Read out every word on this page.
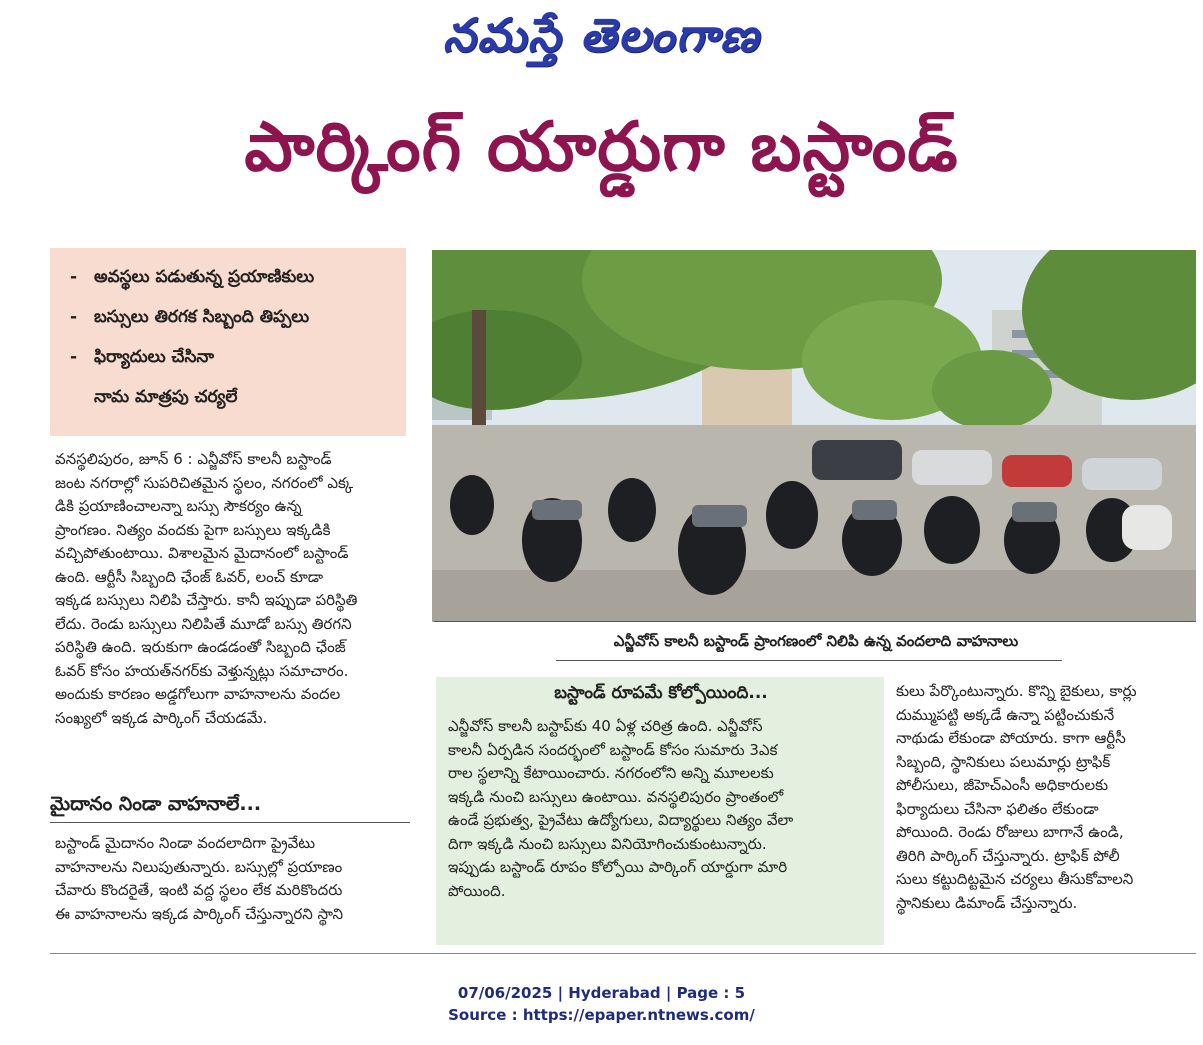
నమస్తే తెలంగాణ
పార్కింగ్ యార్డుగా బస్టాండ్
- అవస్థలు పడుతున్న ప్రయాణికులు
- బస్సులు తిరగక సిబ్బంది తిప్పలు
- ఫిర్యాదులు చేసినా
నామ మాత్రపు చర్యలే
ఎన్జీవోస్ కాలనీ బస్టాండ్ ప్రాంగణంలో నిలిపి ఉన్న వందలాది వాహనాలు
వనస్థలిపురం, జూన్ 6 : ఎన్జీవోస్ కాలనీ బస్టాండ్
జంట నగరాల్లో సుపరిచితమైన స్థలం, నగరంలో ఎక్క
డికి ప్రయాణించాలన్నా బస్సు సౌకర్యం ఉన్న
ప్రాంగణం. నిత్యం వందకు పైగా బస్సులు ఇక్కడికి
వచ్చిపోతుంటాయి. విశాలమైన మైదానంలో బస్టాండ్
ఉంది. ఆర్టీసీ సిబ్బంది ఛేంజ్ ఓవర్, లంచ్ కూడా
ఇక్కడ బస్సులు నిలిపి చేస్తారు. కానీ ఇప్పుడా పరిస్థితి
లేదు. రెండు బస్సులు నిలిపితే మూడో బస్సు తిరగని
పరిస్థితి ఉంది. ఇరుకుగా ఉండడంతో సిబ్బంది ఛేంజ్
ఓవర్ కోసం హయత్‌నగర్‌కు వెళ్తున్నట్లు సమాచారం.
అందుకు కారణం అడ్డగోలుగా వాహనాలను వందల
సంఖ్యలో ఇక్కడ పార్కింగ్ చేయడమే.
మైదానం నిండా వాహనాలే...
బస్టాండ్ మైదానం నిండా వందలాదిగా ప్రైవేటు
వాహనాలను నిలుపుతున్నారు. బస్సుల్లో ప్రయాణం
చేవారు కొందరైతే, ఇంటి వద్ద స్థలం లేక మరికొందరు
ఈ వాహనాలను ఇక్కడ పార్కింగ్ చేస్తున్నారని స్థాని
బస్టాండ్ రూపమే కోల్పోయింది...
ఎన్జీవోస్ కాలనీ బస్టాప్‌కు 40 ఏళ్ల చరిత్ర ఉంది. ఎన్జీవోస్
కాలనీ ఏర్పడిన సందర్భంలో బస్టాండ్ కోసం సుమారు 3ఎక
రాల స్థలాన్ని కేటాయించారు. నగరంలోని అన్ని మూలలకు
ఇక్కడి నుంచి బస్సులు ఉంటాయి. వనస్థలిపురం ప్రాంతంలో
ఉండే ప్రభుత్వ, ప్రైవేటు ఉద్యోగులు, విద్యార్థులు నిత్యం వేలా
దిగా ఇక్కడి నుంచి బస్సులు వినియోగించుకుంటున్నారు.
ఇప్పుడు బస్టాండ్ రూపం కోల్పోయి పార్కింగ్ యార్డుగా మారి
పోయింది.
కులు పేర్కొంటున్నారు. కొన్ని బైకులు, కార్లు
దుమ్ముపట్టి అక్కడే ఉన్నా పట్టించుకునే
నాథుడు లేకుండా పోయారు. కాగా ఆర్టీసీ
సిబ్బంది, స్థానికులు పలుమార్లు ట్రాఫిక్
పోలీసులు, జీహెచ్ఎంసీ అధికారులకు
ఫిర్యాదులు చేసినా ఫలితం లేకుండా
పోయింది. రెండు రోజులు బాగానే ఉండి,
తిరిగి పార్కింగ్ చేస్తున్నారు. ట్రాఫిక్ పోలీ
సులు కట్టుదిట్టమైన చర్యలు తీసుకోవాలని
స్థానికులు డిమాండ్ చేస్తున్నారు.
07/06/2025 | Hyderabad | Page : 5
Source : https://epaper.ntnews.com/
